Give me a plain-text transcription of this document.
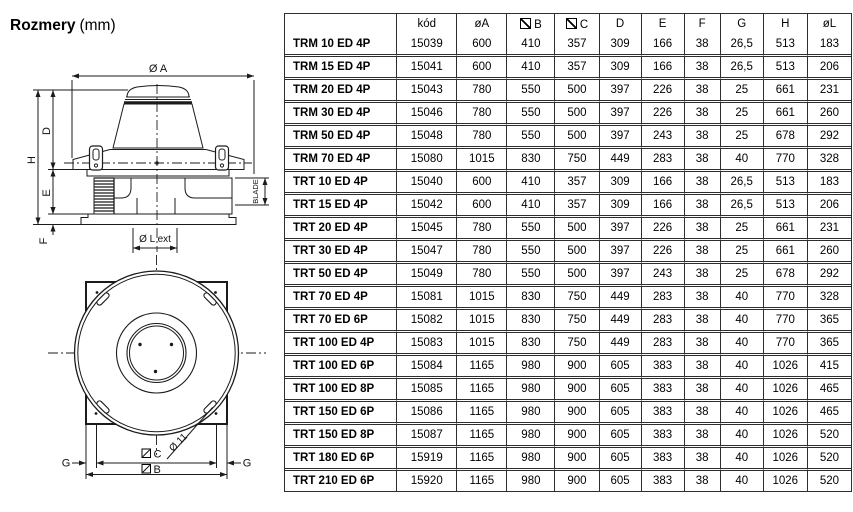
Rozmery (mm)
Ø A
H
D
E
F
BLADE
Ø L ext
Ø 11
C
G	G
B
	kód	øA	B	C	D	E	F	G	H	øL
TRM 10 ED 4P	15039	600	410	357	309	166	38	26,5	513	183
TRM 15 ED 4P	15041	600	410	357	309	166	38	26,5	513	206
TRM 20 ED 4P	15043	780	550	500	397	226	38	25	661	231
TRM 30 ED 4P	15046	780	550	500	397	226	38	25	661	260
TRM 50 ED 4P	15048	780	550	500	397	243	38	25	678	292
TRM 70 ED 4P	15080	1015	830	750	449	283	38	40	770	328
TRT 10 ED 4P	15040	600	410	357	309	166	38	26,5	513	183
TRT 15 ED 4P	15042	600	410	357	309	166	38	26,5	513	206
TRT 20 ED 4P	15045	780	550	500	397	226	38	25	661	231
TRT 30 ED 4P	15047	780	550	500	397	226	38	25	661	260
TRT 50 ED 4P	15049	780	550	500	397	243	38	25	678	292
TRT 70 ED 4P	15081	1015	830	750	449	283	38	40	770	328
TRT 70 ED 6P	15082	1015	830	750	449	283	38	40	770	365
TRT 100 ED 4P	15083	1015	830	750	449	283	38	40	770	365
TRT 100 ED 6P	15084	1165	980	900	605	383	38	40	1026	415
TRT 100 ED 8P	15085	1165	980	900	605	383	38	40	1026	465
TRT 150 ED 6P	15086	1165	980	900	605	383	38	40	1026	465
TRT 150 ED 8P	15087	1165	980	900	605	383	38	40	1026	520
TRT 180 ED 6P	15919	1165	980	900	605	383	38	40	1026	520
TRT 210 ED 6P	15920	1165	980	900	605	383	38	40	1026	520
